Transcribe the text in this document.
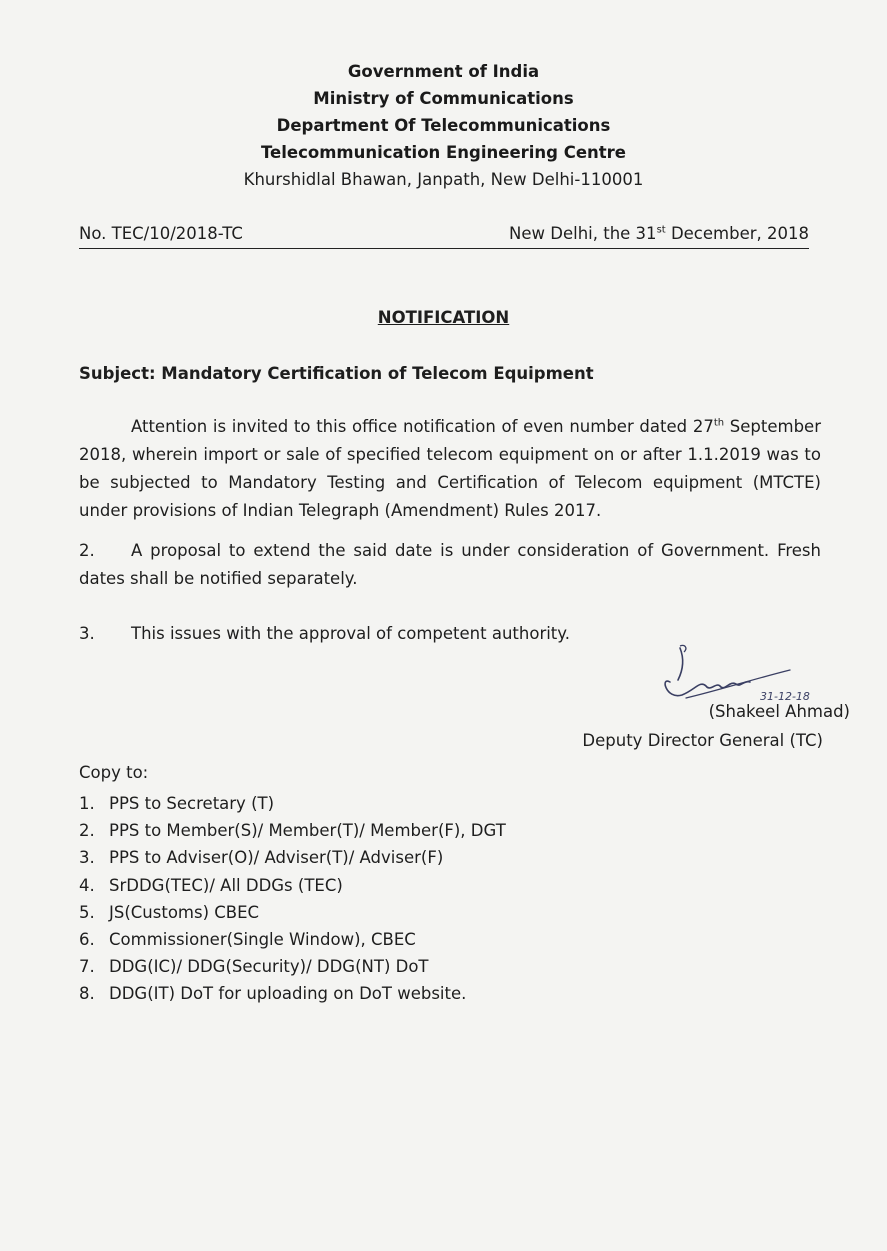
Government of India
Ministry of Communications
Department Of Telecommunications
Telecommunication Engineering Centre
Khurshidlal Bhawan, Janpath, New Delhi-110001
No. TEC/10/2018-TC	New Delhi, the 31st December, 2018
NOTIFICATION
Subject: Mandatory Certification of Telecom Equipment
Attention is invited to this office notification of even number dated 27th September 2018, wherein import or sale of specified telecom equipment on or after 1.1.2019 was to be subjected to Mandatory Testing and Certification of Telecom equipment (MTCTE) under provisions of Indian Telegraph (Amendment) Rules 2017.
2. A proposal to extend the said date is under consideration of Government. Fresh dates shall be notified separately.
3. This issues with the approval of competent authority.
31-12-18
(Shakeel Ahmad)
Deputy Director General (TC)
Copy to:
1. PPS to Secretary (T)
2. PPS to Member(S)/ Member(T)/ Member(F), DGT
3. PPS to Adviser(O)/ Adviser(T)/ Adviser(F)
4. SrDDG(TEC)/ All DDGs (TEC)
5. JS(Customs) CBEC
6. Commissioner(Single Window), CBEC
7. DDG(IC)/ DDG(Security)/ DDG(NT) DoT
8. DDG(IT) DoT for uploading on DoT website.
